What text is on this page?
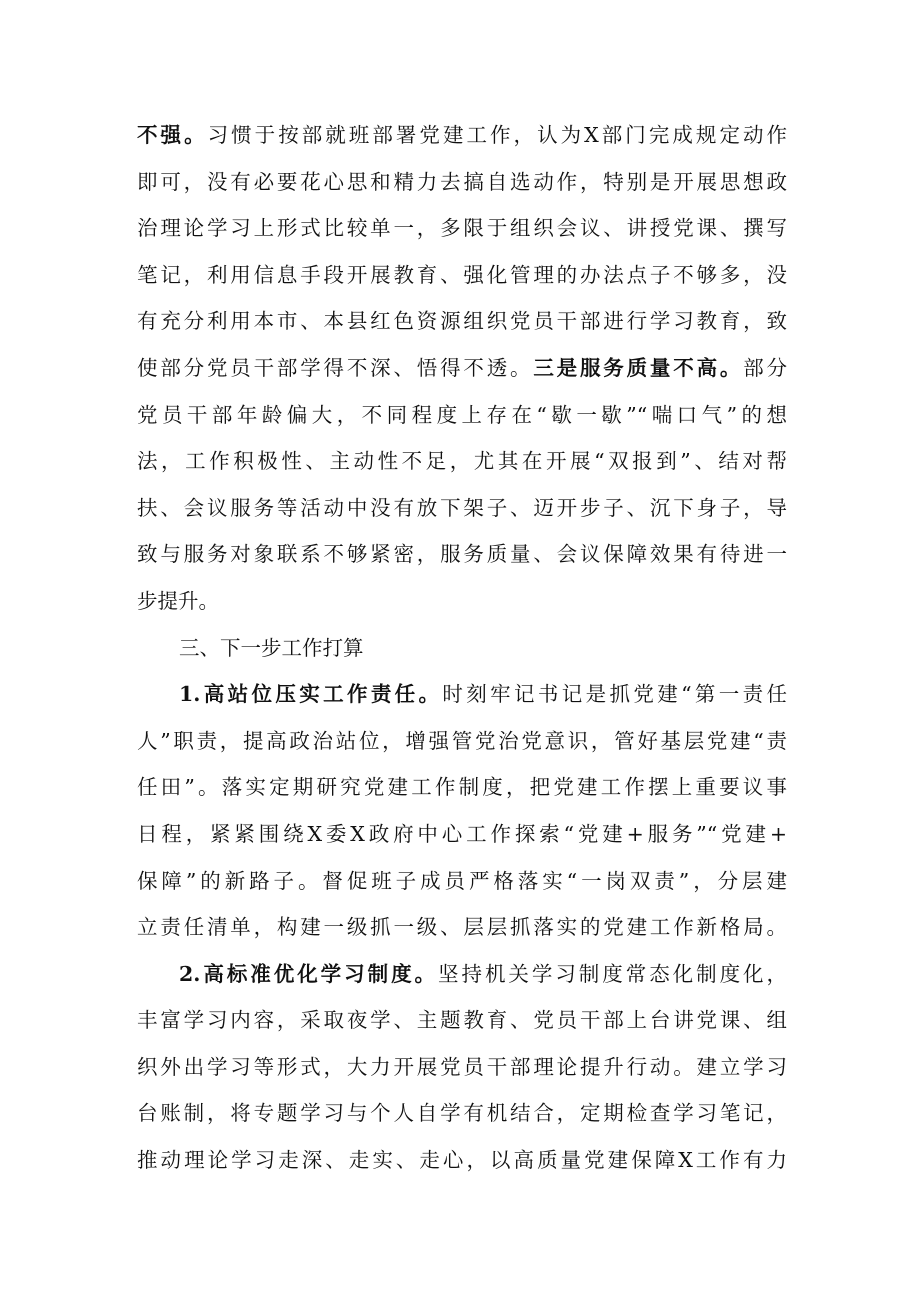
不强。习惯于按部就班部署党建工作，认为X部门完成规定动作
即可，没有必要花心思和精力去搞自选动作，特别是开展思想政
治理论学习上形式比较单一，多限于组织会议、讲授党课、撰写
笔记，利用信息手段开展教育、强化管理的办法点子不够多，没
有充分利用本市、本县红色资源组织党员干部进行学习教育，致
使部分党员干部学得不深、悟得不透。三是服务质量不高。部分
党员干部年龄偏大，不同程度上存在“歇一歇”“喘口气”的想
法，工作积极性、主动性不足，尤其在开展“双报到”、结对帮
扶、会议服务等活动中没有放下架子、迈开步子、沉下身子，导
致与服务对象联系不够紧密，服务质量、会议保障效果有待进一
步提升。
三、下一步工作打算
1.高站位压实工作责任。时刻牢记书记是抓党建“第一责任
人”职责，提高政治站位，增强管党治党意识，管好基层党建“责
任田”。落实定期研究党建工作制度，把党建工作摆上重要议事
日程，紧紧围绕X委X政府中心工作探索“党建+服务”“党建+
保障”的新路子。督促班子成员严格落实“一岗双责”，分层建
立责任清单，构建一级抓一级、层层抓落实的党建工作新格局。
2.高标准优化学习制度。坚持机关学习制度常态化制度化，
丰富学习内容，采取夜学、主题教育、党员干部上台讲党课、组
织外出学习等形式，大力开展党员干部理论提升行动。建立学习
台账制，将专题学习与个人自学有机结合，定期检查学习笔记，
推动理论学习走深、走实、走心，以高质量党建保障X工作有力
